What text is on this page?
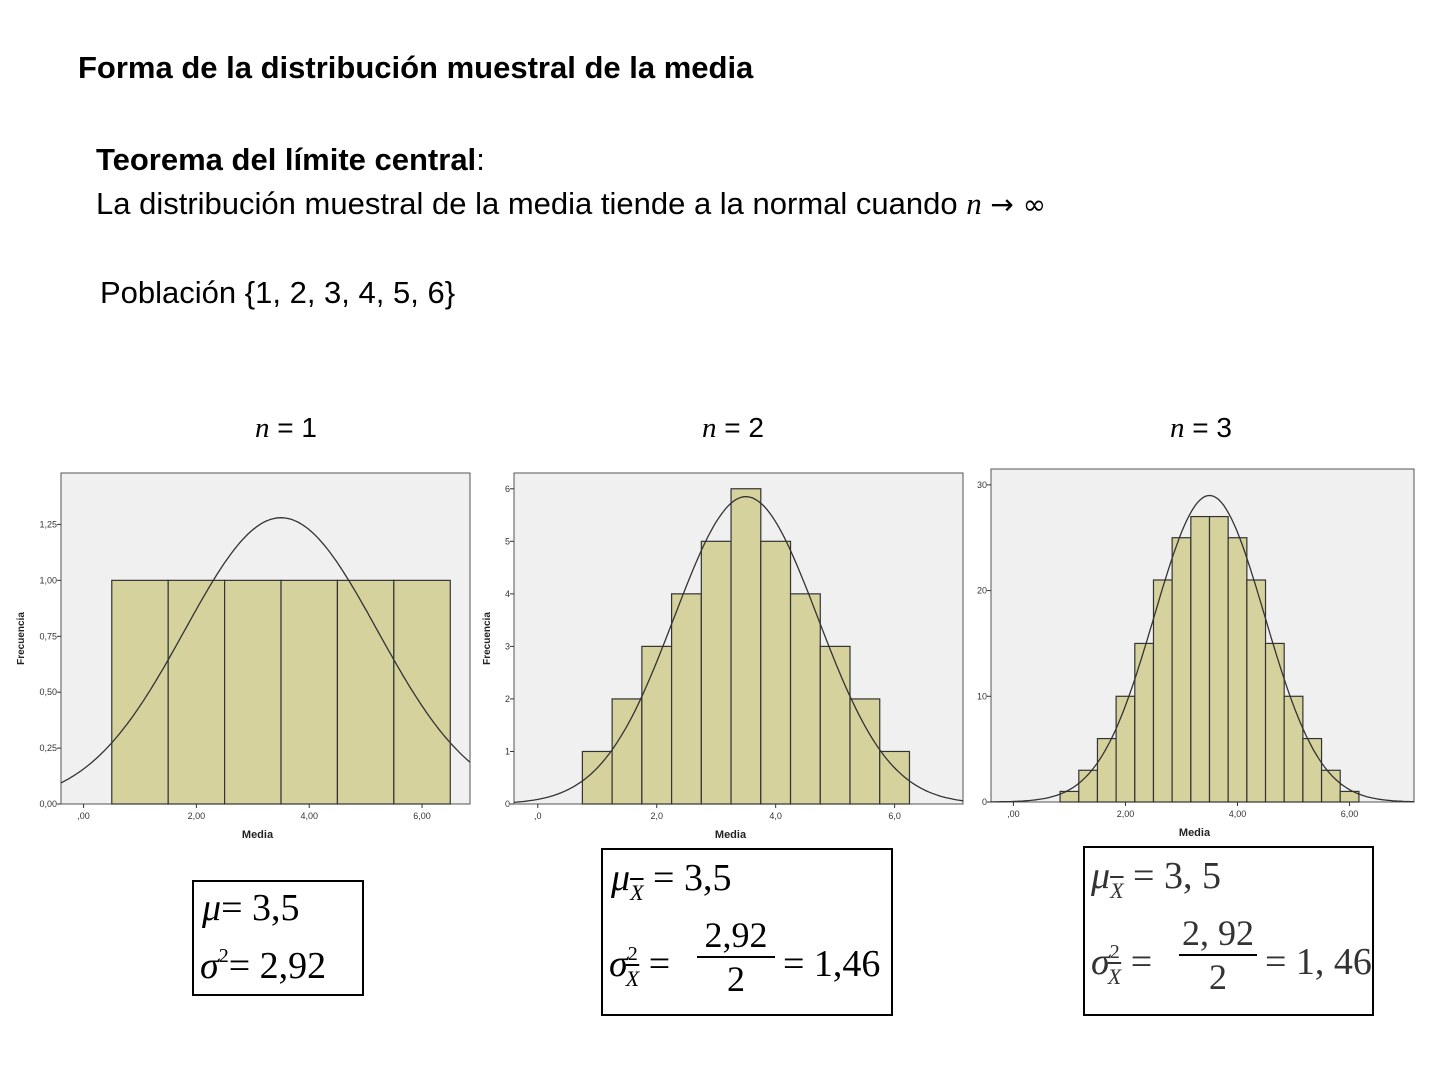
Forma de la distribución muestral de la media
Teorema del límite central:
La distribución muestral de la media tiende a la normal cuando n → ∞
Población {1, 2, 3, 4, 5, 6}
n = 1	n = 2	n = 3
,00	2,00	4,00	6,00
0,00
0,25
0,50
0,75
1,00
1,25
Media
Frecuencia
,0	2,0	4,0	6,0
0
1
2
3
4
5
6
Media
Frecuencia
,00	2,00	4,00	6,00
0
10
20
30
Media
μ= 3,5
$\sigma^2= 2,92$
$\mu_{\overline{X}} = 3,5$
$\sigma^2_{\overline{X}}$ =
2,92
2	= 1,46
$\mu_{\overline{X}} = 3$, 5
$\sigma^2_{\overline{X}}$ =
2, 92
2	= 1, 46
